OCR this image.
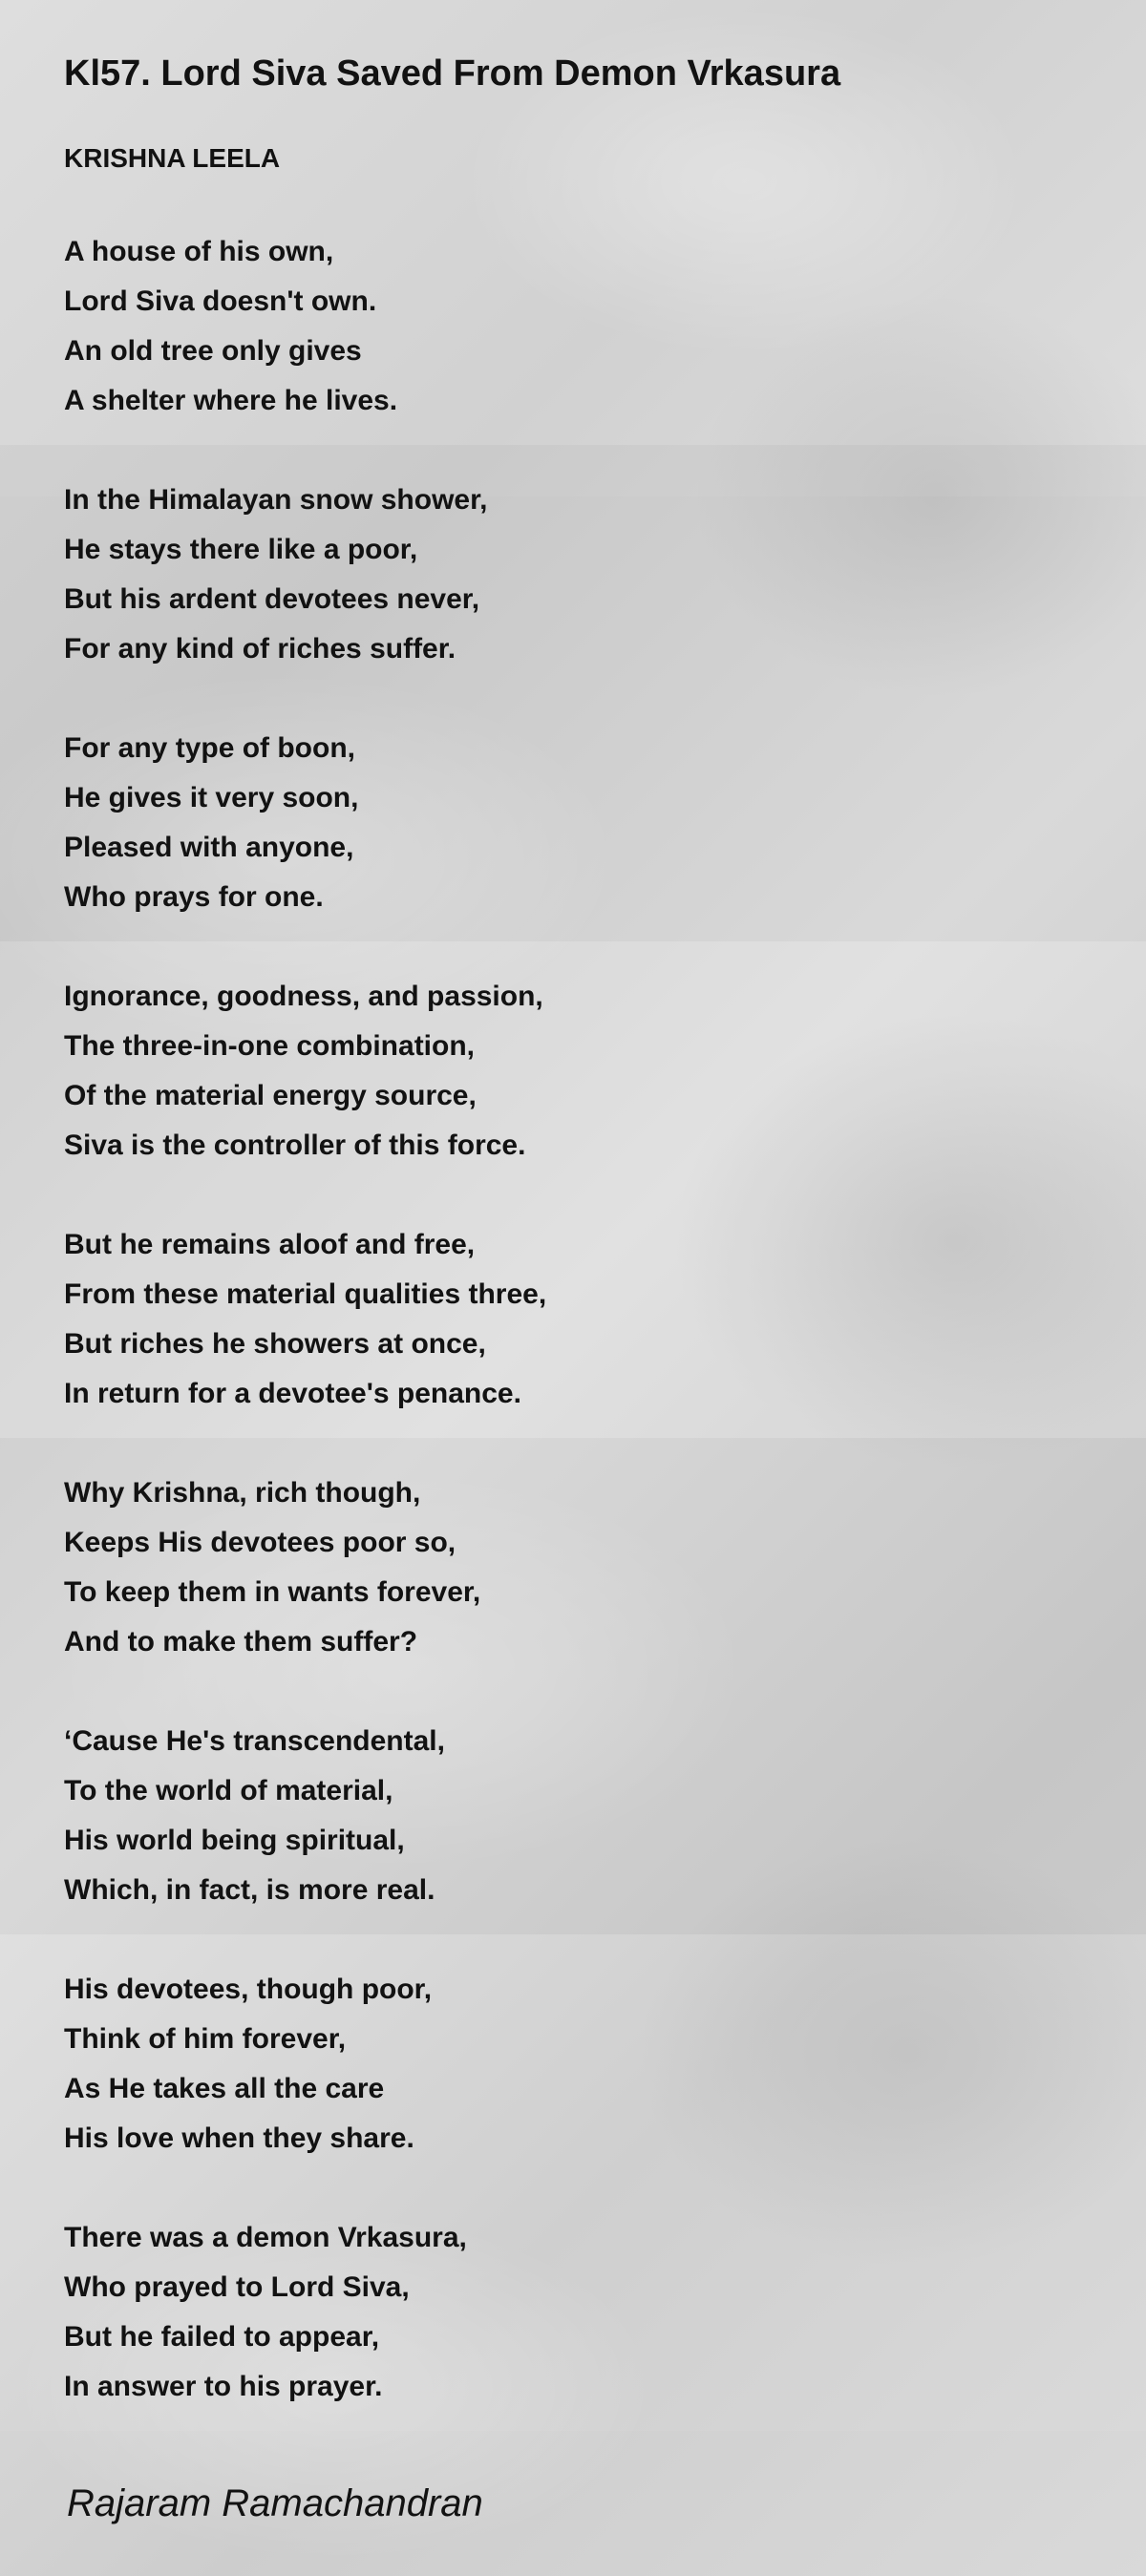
Kl57. Lord Siva Saved From Demon Vrkasura
KRISHNA LEELA
A house of his own,
Lord Siva doesn't own.
An old tree only gives
A shelter where he lives.
In the Himalayan snow shower,
He stays there like a poor,
But his ardent devotees never,
For any kind of riches suffer.
For any type of boon,
He gives it very soon,
Pleased with anyone,
Who prays for one.
Ignorance, goodness, and passion,
The three-in-one combination,
Of the material energy source,
Siva is the controller of this force.
But he remains aloof and free,
From these material qualities three,
But riches he showers at once,
In return for a devotee's penance.
Why Krishna, rich though,
Keeps His devotees poor so,
To keep them in wants forever,
And to make them suffer?
‘Cause He's transcendental,
To the world of material,
His world being spiritual,
Which, in fact, is more real.
His devotees, though poor,
Think of him forever,
As He takes all the care
His love when they share.
There was a demon Vrkasura,
Who prayed to Lord Siva,
But he failed to appear,
In answer to his prayer.
Rajaram Ramachandran
